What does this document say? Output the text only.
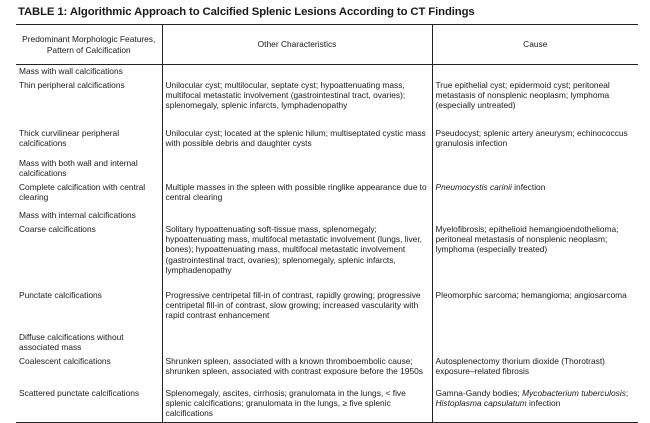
TABLE 1: Algorithmic Approach to Calcified Splenic Lesions According to CT Findings
Predominant Morphologic Features, Pattern of Calcification	Other Characteristics	Cause
Mass with wall calcifications		
Thin peripheral calcifications	Unilocular cyst; multilocular, septate cyst; hypoattenuating mass, multifocal metastatic involvement (gastrointestinal tract, ovaries); splenomegaly, splenic infarcts, lymphadenopathy	True epithelial cyst; epidermoid cyst; peritoneal metastasis of nonsplenic neoplasm; lymphoma (especially untreated)
Thick curvilinear peripheral calcifications	Unilocular cyst; located at the splenic hilum; multiseptated cystic mass with possible debris and daughter cysts	Pseudocyst; splenic artery aneurysm; echinococcus granulosis infection
Mass with both wall and internal calcifications		
Complete calcification with central clearing	Multiple masses in the spleen with possible ringlike appearance due to central clearing	Pneumocystis carinii infection
Mass with internal calcifications		
Coarse calcifications	Solitary hypoattenuating soft-tissue mass, splenomegaly; hypoattenuating mass, multifocal metastatic involvement (lungs, liver, bones); hypoattenuating mass, multifocal metastatic involvement (gastrointestinal tract, ovaries); splenomegaly, splenic infarcts, lymphadenopathy	Myelofibrosis; epithelioid hemangioendothelioma; peritoneal metastasis of nonsplenic neoplasm; lymphoma (especially treated)
Punctate calcifications	Progressive centripetal fill-in of contrast, rapidly growing; progressive centripetal fill-in of contrast, slow growing; increased vascularity with rapid contrast enhancement	Pleomorphic sarcoma; hemangioma; angiosarcoma
Diffuse calcifications without associated mass		
Coalescent calcifications	Shrunken spleen, associated with a known thromboembolic cause; shrunken spleen, associated with contrast exposure before the 1950s	Autosplenectomy thorium dioxide (Thorotrast) exposure–related fibrosis
Scattered punctate calcifications	Splenomegaly, ascites, cirrhosis; granulomata in the lungs, < five splenic calcifications; granulomata in the lungs, ≥ five splenic calcifications	Gamna-Gandy bodies; Mycobacterium tuberculosis; Histoplasma capsulatum infection
